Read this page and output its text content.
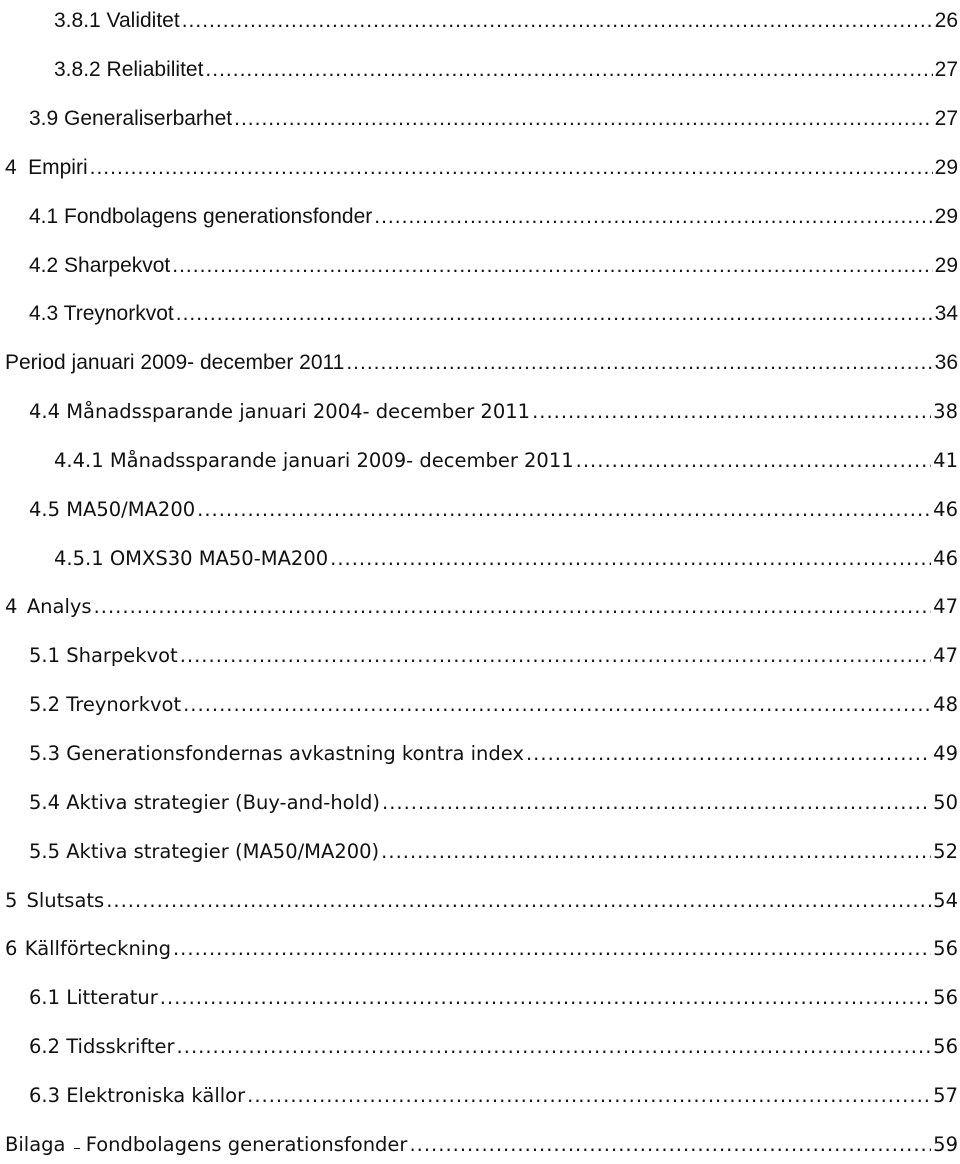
3.8.1 Validitet .....	26
3.8.2 Reliabilitet .....	27
3.9 Generaliserbarhet .....	27
4 Empiri .....	29
4.1 Fondbolagens generationsfonder .....	29
4.2 Sharpekvot .....	29
4.3 Treynorkvot .....	34
Period januari 2009- december 2011 .....	36
4.4 Månadssparande januari 2004- december 2011 .....	38
4.4.1 Månadssparande januari 2009- december 2011 .....	41
4.5 MA50/MA200 .....	46
4.5.1 OMXS30 MA50-MA200 .....	46
4 Analys .....	47
5.1 Sharpekvot .....	47
5.2 Treynorkvot .....	48
5.3 Generationsfondernas avkastning kontra index .....	49
5.4 Aktiva strategier (Buy-and-hold) .....	50
5.5 Aktiva strategier (MA50/MA200) .....	52
5 Slutsats .....	54
6 Källförteckning .....	56
6.1 Litteratur .....	56
6.2 Tidsskrifter .....	56
6.3 Elektroniska källor .....	57
Bilaga Fondbolagens generationsfonder .....	59
